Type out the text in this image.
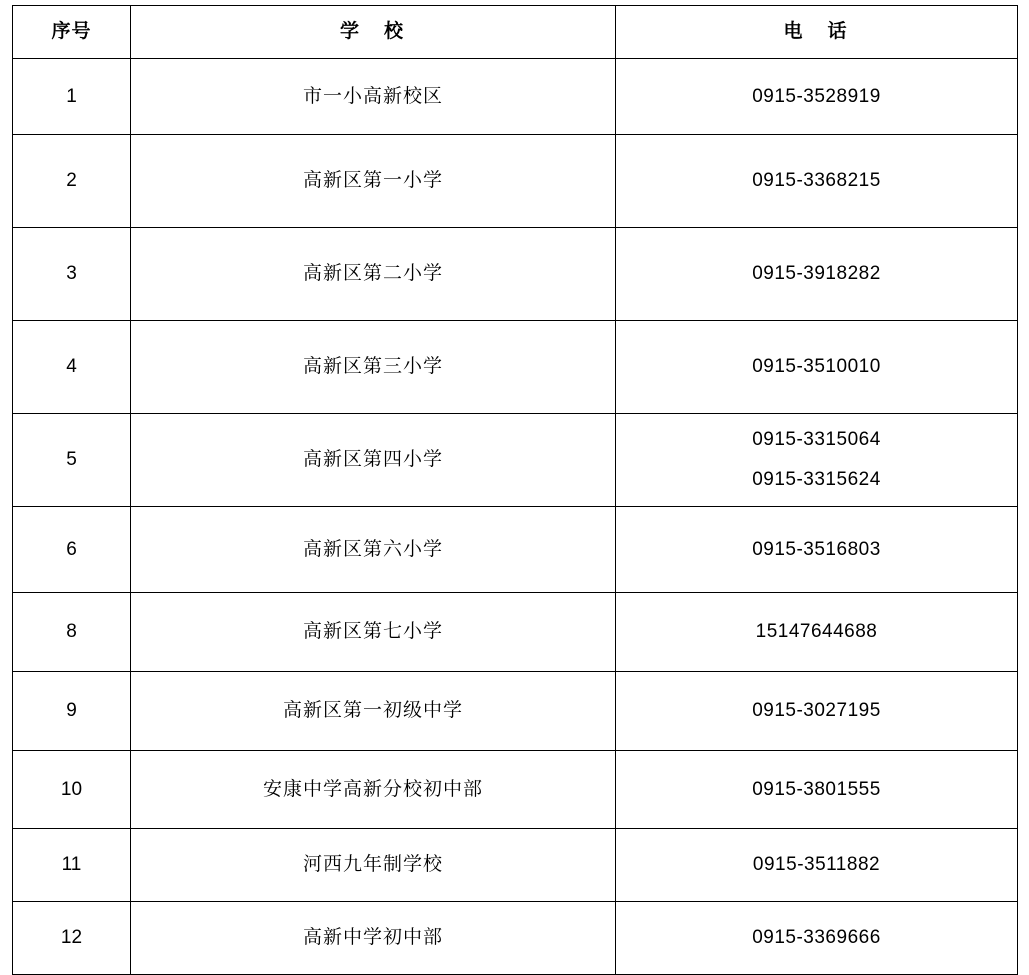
序号	学　校	电　话
1	市一小高新校区	0915-3528919

2	高新区第一小学	0915-3368215

3	高新区第二小学	0915-3918282

4	高新区第三小学	0915-3510010

5	高新区第四小学	0915-3315064
0915-3315624

6	高新区第六小学	0915-3516803

8	高新区第七小学	15147644688

9	高新区第一初级中学	0915-3027195

10	安康中学高新分校初中部	0915-3801555

11	河西九年制学校	0915-3511882

12	高新中学初中部	0915-3369666
